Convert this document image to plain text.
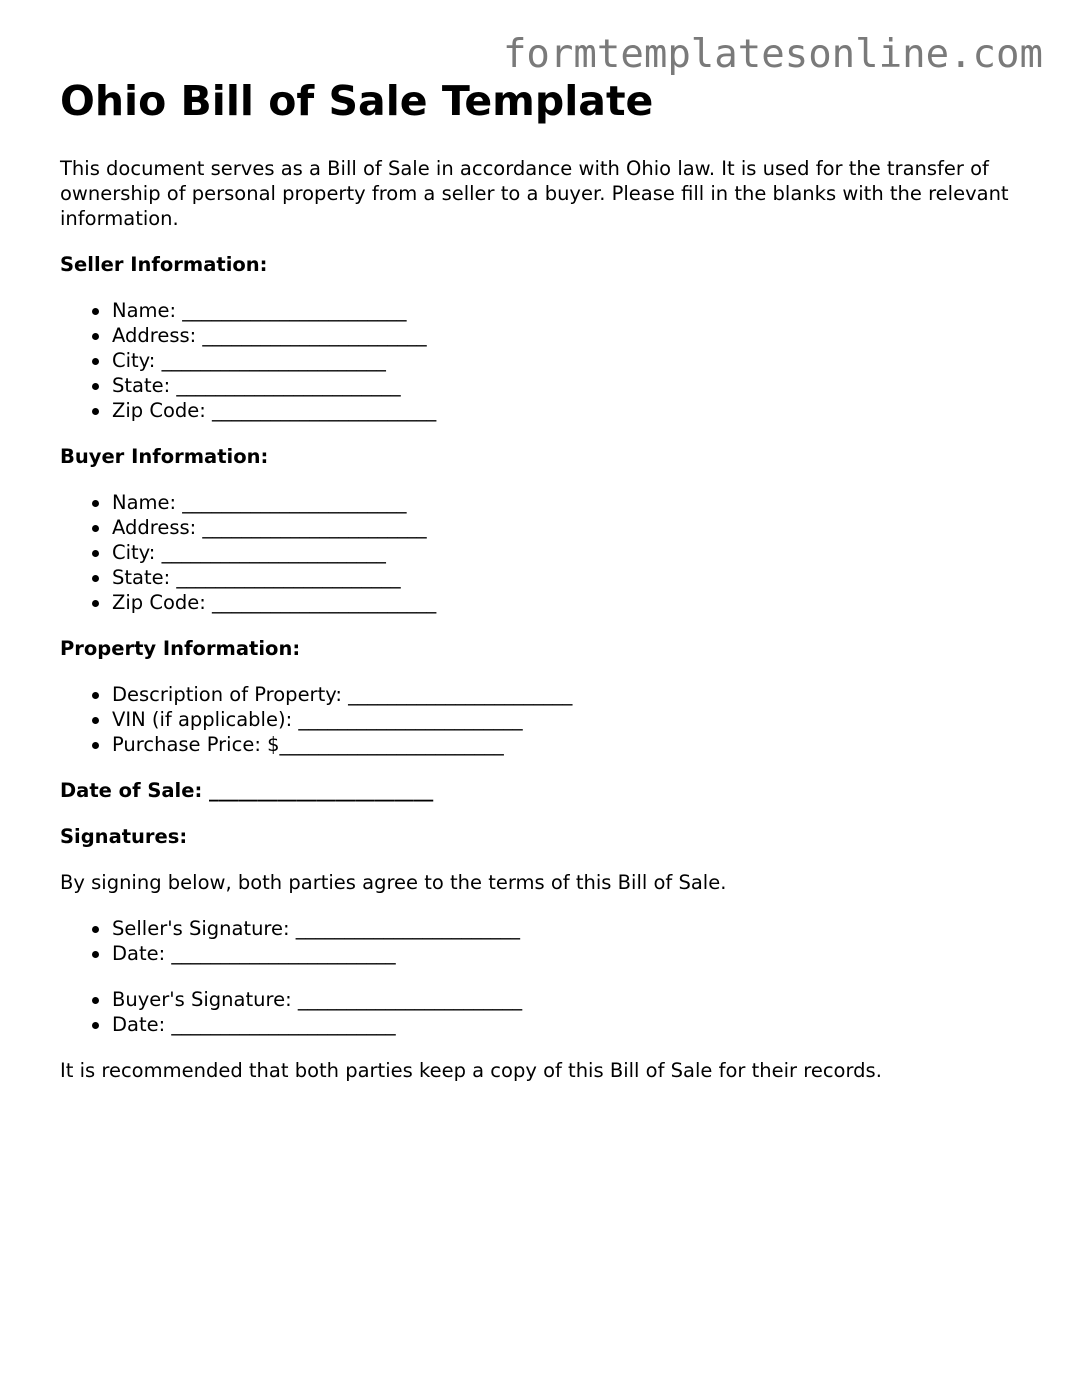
formtemplatesonline.com
Ohio Bill of Sale Template

This document serves as a Bill of Sale in accordance with Ohio law. It is used for the transfer of ownership of personal property from a seller to a buyer. Please fill in the blanks with the relevant information.

Seller Information:

Name: _______________________
Address: _______________________
City: _______________________
State: _______________________
Zip Code: _______________________

Buyer Information:

Name: _______________________
Address: _______________________
City: _______________________
State: _______________________
Zip Code: _______________________

Property Information:

Description of Property: _______________________
VIN (if applicable): _______________________
Purchase Price: $_______________________

Date of Sale: _______________________

Signatures:

By signing below, both parties agree to the terms of this Bill of Sale.

Seller's Signature: _______________________
Date: _______________________
Buyer's Signature: _______________________
Date: _______________________

It is recommended that both parties keep a copy of this Bill of Sale for their records.
